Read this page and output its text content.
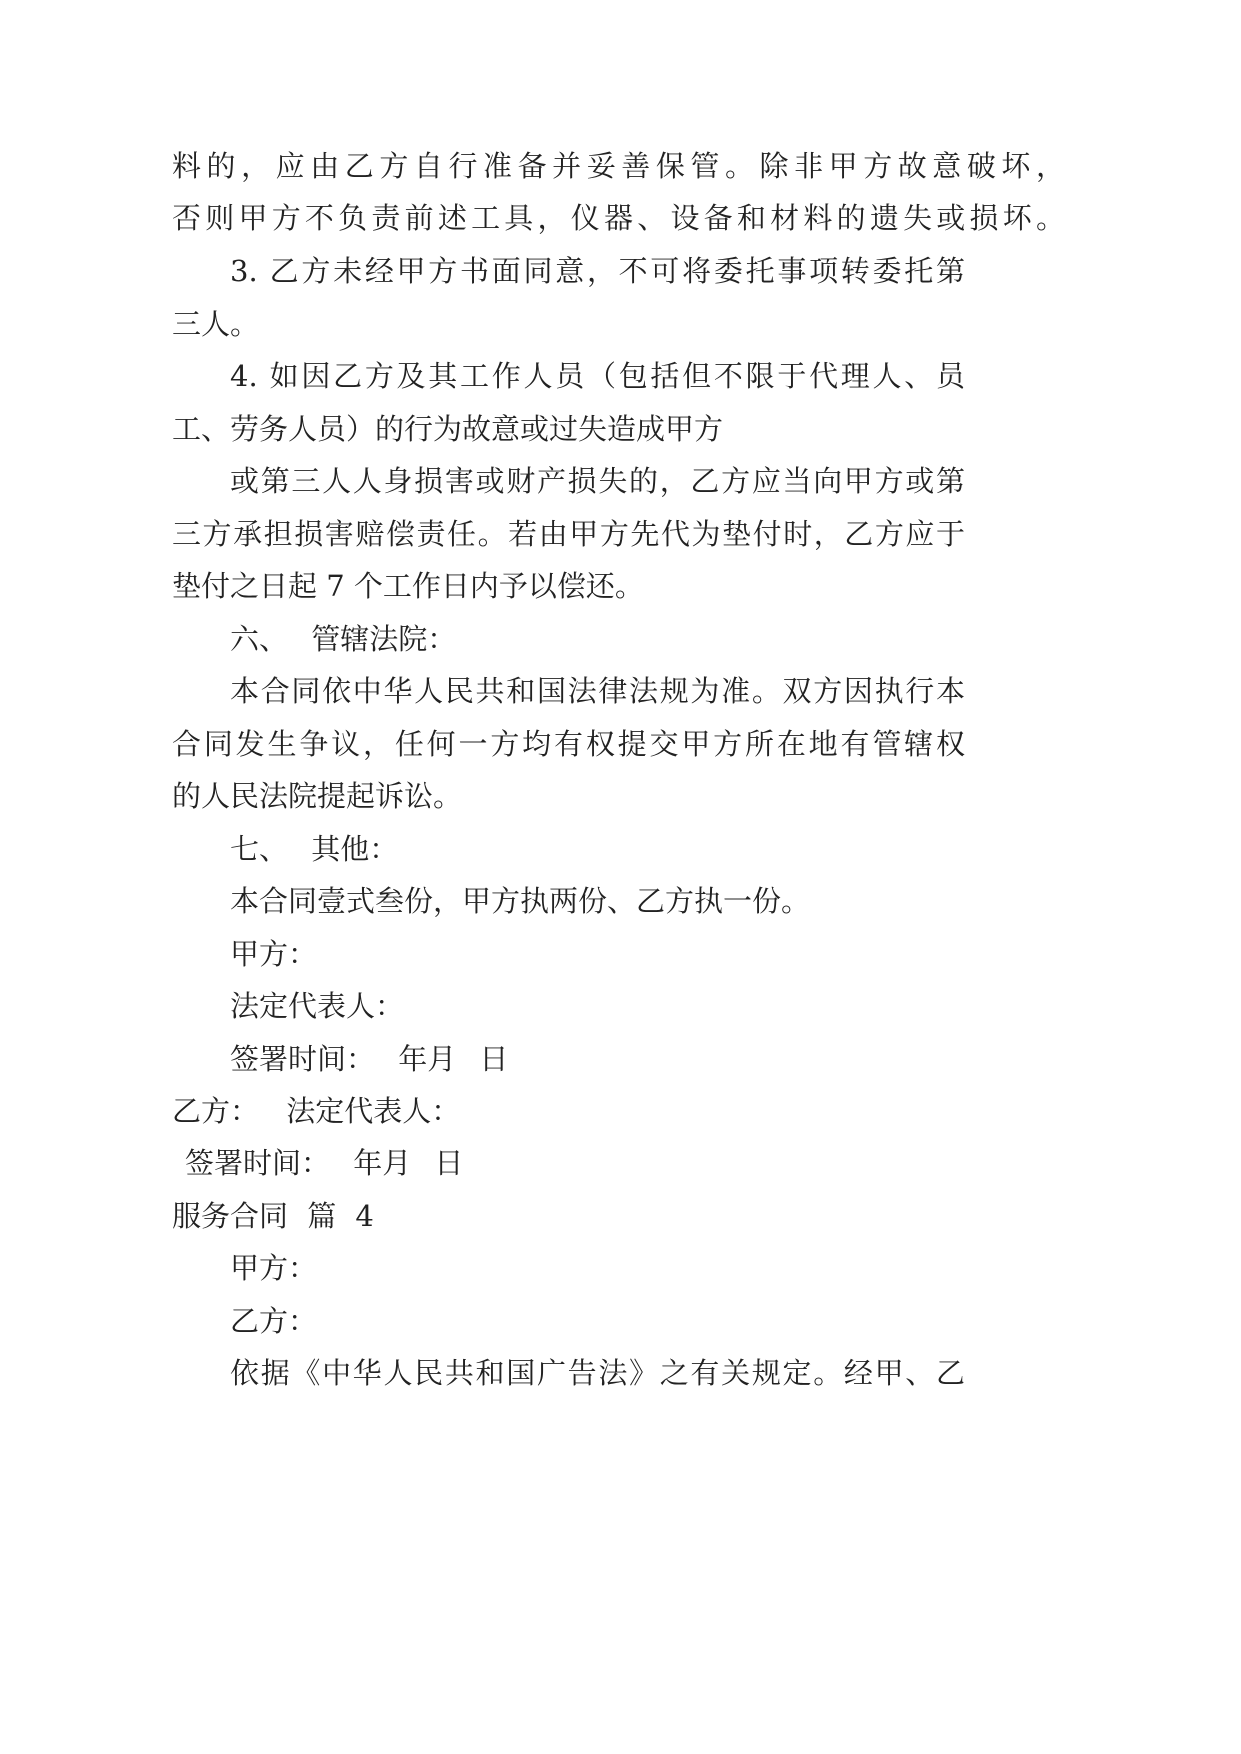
料的，应由乙方自行准备并妥善保管。除非甲方故意破坏，
否则甲方不负责前述工具，仪器、设备和材料的遗失或损坏。
3. 乙方未经甲方书面同意，不可将委托事项转委托第
三人。
4. 如因乙方及其工作人员（包括但不限于代理人、员
工、劳务人员）的行为故意或过失造成甲方
或第三人人身损害或财产损失的，乙方应当向甲方或第
三方承担损害赔偿责任。若由甲方先代为垫付时，乙方应于
垫付之日起 7 个工作日内予以偿还。
六、 管辖法院：
本合同依中华人民共和国法律法规为准。双方因执行本
合同发生争议，任何一方均有权提交甲方所在地有管辖权
的人民法院提起诉讼。
七、 其他：
本合同壹式叁份，甲方执两份、乙方执一份。
甲方：
法定代表人：
签署时间： 年月 日
乙方： 法定代表人：
签署时间： 年月 日
服务合同 篇 4
甲方：
乙方：
依据《中华人民共和国广告法》之有关规定。经甲、乙
